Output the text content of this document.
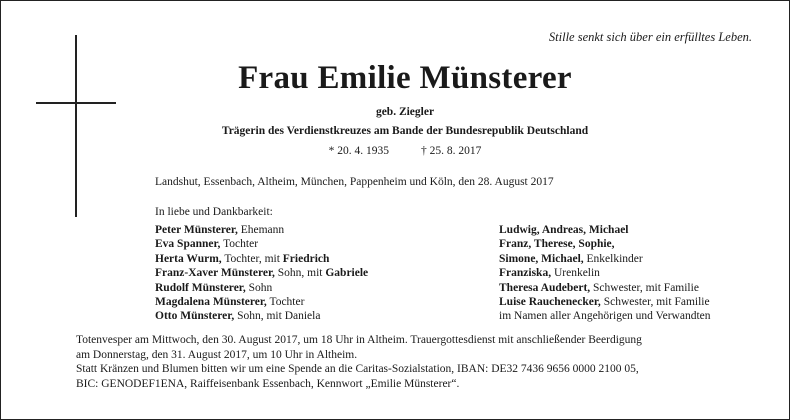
Stille senkt sich über ein erfülltes Leben.
Frau Emilie Münsterer
geb. Ziegler
Trägerin des Verdienstkreuzes am Bande der Bundesrepublik Deutschland
* 20. 4. 1935	† 25. 8. 2017
Landshut, Essenbach, Altheim, München, Pappenheim und Köln, den 28. August 2017
In liebe und Dankbarkeit:
Peter Münsterer, Ehemann
Eva Spanner, Tochter
Herta Wurm, Tochter, mit Friedrich
Franz-Xaver Münsterer, Sohn, mit Gabriele
Rudolf Münsterer, Sohn
Magdalena Münsterer, Tochter
Otto Münsterer, Sohn, mit Daniela
Ludwig, Andreas, Michael
Franz, Therese, Sophie,
Simone, Michael, Enkelkinder
Franziska, Urenkelin
Theresa Audebert, Schwester, mit Familie
Luise Rauchenecker, Schwester, mit Familie
im Namen aller Angehörigen und Verwandten
Totenvesper am Mittwoch, den 30. August 2017, um 18 Uhr in Altheim. Trauergottesdienst mit anschließender Beerdigung
am Donnerstag, den 31. August 2017, um 10 Uhr in Altheim.
Statt Kränzen und Blumen bitten wir um eine Spende an die Caritas-Sozialstation, IBAN: DE32 7436 9656 0000 2100 05,
BIC: GENODEF1ENA, Raiffeisenbank Essenbach, Kennwort „Emilie Münsterer“.
